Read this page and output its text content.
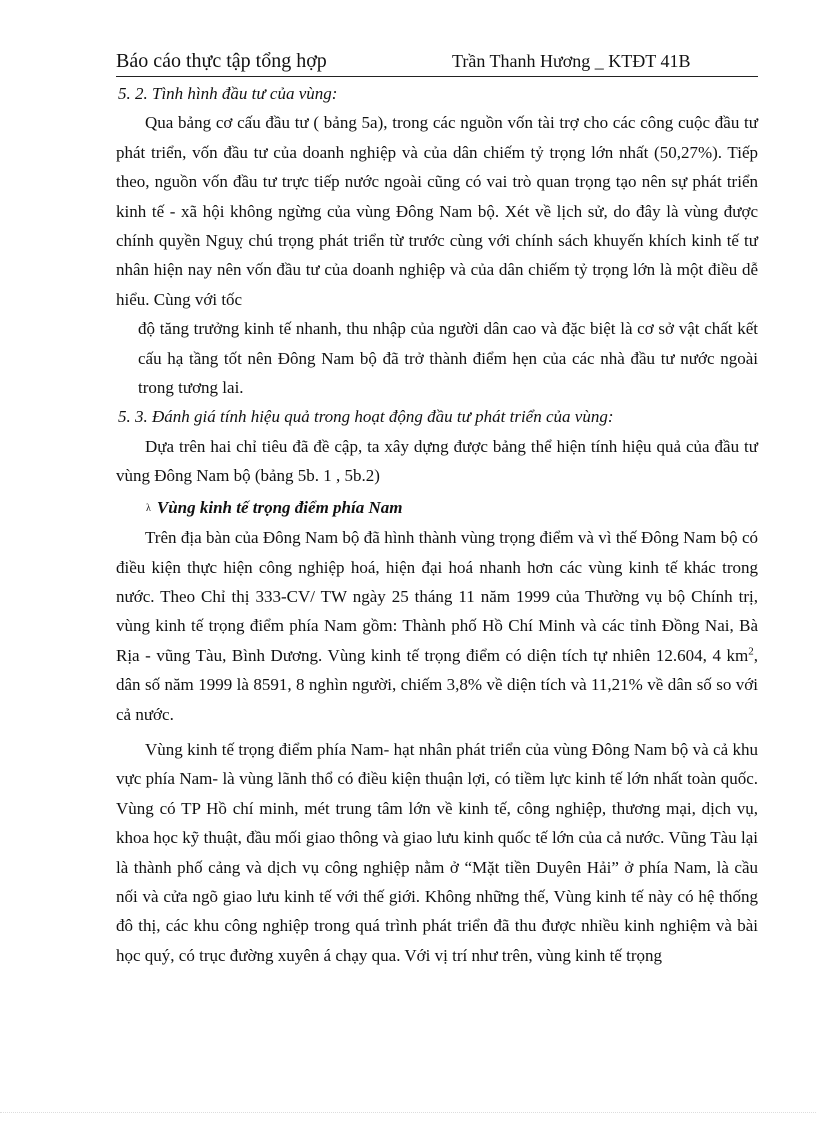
Báo cáo thực tập tổng hợp	Trần Thanh Hương _ KTĐT 41B

5. 2. Tình hình đầu tư của vùng:

Qua bảng cơ cấu đầu tư ( bảng 5a), trong các nguồn vốn tài trợ cho các công cuộc đầu tư phát triển, vốn đầu tư của doanh nghiệp và của dân chiếm tỷ trọng lớn nhất (50,27%). Tiếp theo, nguồn vốn đầu tư trực tiếp nước ngoài cũng có vai trò quan trọng tạo nên sự phát triển kinh tế - xã hội không ngừng của vùng Đông Nam bộ. Xét về lịch sử, do đây là vùng được chính quyền Nguỵ chú trọng phát triển từ trước cùng với chính sách khuyến khích kinh tế tư nhân hiện nay nên vốn đầu tư của doanh nghiệp và của dân chiếm tỷ trọng lớn là một điều dễ hiểu. Cùng với tốc

độ tăng trưởng kinh tế nhanh, thu nhập của người dân cao và đặc biệt là cơ sở vật chất kết cấu hạ tầng tốt nên Đông Nam bộ đã trở thành điểm hẹn của các nhà đầu tư nước ngoài trong tương lai.

5. 3. Đánh giá tính hiệu quả trong hoạt động đầu tư phát triển của vùng:

Dựa trên hai chỉ tiêu đã đề cập, ta xây dựng được bảng thể hiện tính hiệu quả của đầu tư vùng Đông Nam bộ (bảng 5b. 1 , 5b.2)

λ Vùng kinh tế trọng điểm phía Nam

Trên địa bàn của Đông Nam bộ đã hình thành vùng trọng điểm và vì thế Đông Nam bộ có điều kiện thực hiện công nghiệp hoá, hiện đại hoá nhanh hơn các vùng kinh tế khác trong nước. Theo Chỉ thị 333-CV/ TW ngày 25 tháng 11 năm 1999 của Thường vụ bộ Chính trị, vùng kinh tế trọng điểm phía Nam gồm: Thành phố Hồ Chí Minh và các tỉnh Đồng Nai, Bà Rịa - vũng Tàu, Bình Dương. Vùng kinh tế trọng điểm có diện tích tự nhiên 12.604, 4 $km^2$, dân số năm 1999 là 8591, 8 nghìn người, chiếm 3,8% về diện tích và 11,21% về dân số so với cả nước.

Vùng kinh tế trọng điểm phía Nam- hạt nhân phát triển của vùng Đông Nam bộ và cả khu vực phía Nam- là vùng lãnh thổ có điều kiện thuận lợi, có tiềm lực kinh tế lớn nhất toàn quốc. Vùng có TP Hồ chí minh, mét trung tâm lớn về kinh tế, công nghiệp, thương mại, dịch vụ, khoa học kỹ thuật, đầu mối giao thông và giao lưu kinh quốc tế lớn của cả nước. Vũng Tàu lại là thành phố cảng và dịch vụ công nghiệp nằm ở “Mặt tiền Duyên Hải” ở phía Nam, là cầu nối và cửa ngõ giao lưu kinh tế với thế giới. Không những thế, Vùng kinh tế này có hệ thống đô thị, các khu công nghiệp trong quá trình phát triển đã thu được nhiều kinh nghiệm và bài học quý, có trục đường xuyên á chạy qua. Với vị trí như trên, vùng kinh tế trọng
